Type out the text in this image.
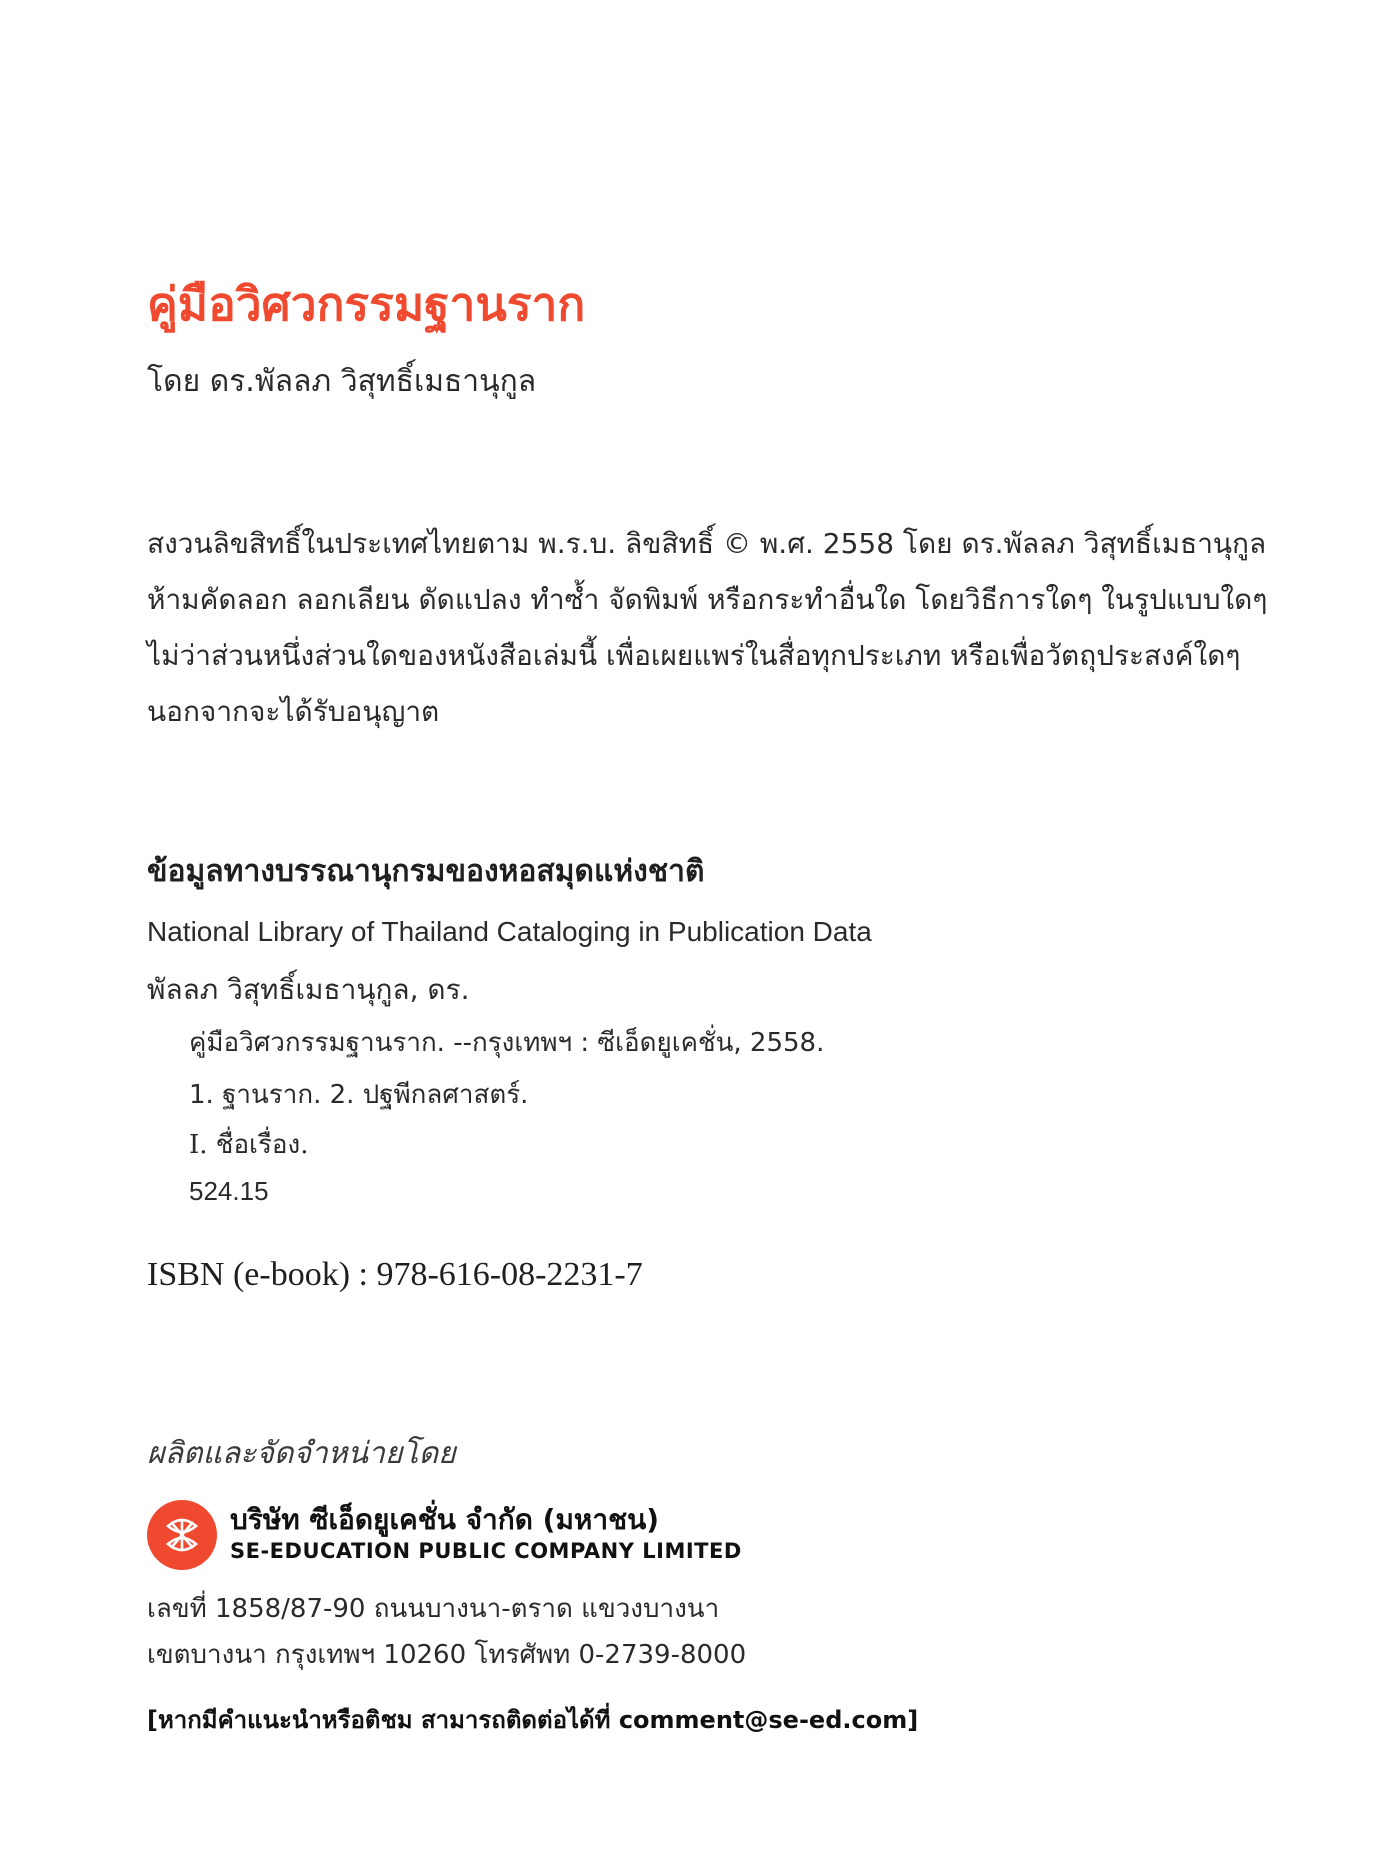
คู่มือวิศวกรรมฐานราก
โดย ดร.พัลลภ วิสุทธิ์เมธานุกูล
สงวนลิขสิทธิ์ในประเทศไทยตาม พ.ร.บ. ลิขสิทธิ์ © พ.ศ. 2558 โดย ดร.พัลลภ วิสุทธิ์เมธานุกูล
ห้ามคัดลอก ลอกเลียน ดัดแปลง ทำซ้ำ จัดพิมพ์ หรือกระทำอื่นใด โดยวิธีการใดๆ ในรูปแบบใดๆ
ไม่ว่าส่วนหนึ่งส่วนใดของหนังสือเล่มนี้ เพื่อเผยแพร่ในสื่อทุกประเภท หรือเพื่อวัตถุประสงค์ใดๆ
นอกจากจะได้รับอนุญาต
ข้อมูลทางบรรณานุกรมของหอสมุดแห่งชาติ
National Library of Thailand Cataloging in Publication Data
พัลลภ วิสุทธิ์เมธานุกูล, ดร.
คู่มือวิศวกรรมฐานราก. --กรุงเทพฯ : ซีเอ็ดยูเคชั่น, 2558.
1. ฐานราก. 2. ปฐพีกลศาสตร์.
I. ชื่อเรื่อง.
524.15
ISBN (e-book) : 978-616-08-2231-7
ผลิตและจัดจำหน่ายโดย
บริษัท ซีเอ็ดยูเคชั่น จำกัด (มหาชน)
SE-EDUCATION PUBLIC COMPANY LIMITED
เลขที่ 1858/87-90 ถนนบางนา-ตราด แขวงบางนา
เขตบางนา กรุงเทพฯ 10260 โทรศัพท 0-2739-8000
[หากมีคำแนะนำหรือติชม สามารถติดต่อได้ที่ comment@se-ed.com]
